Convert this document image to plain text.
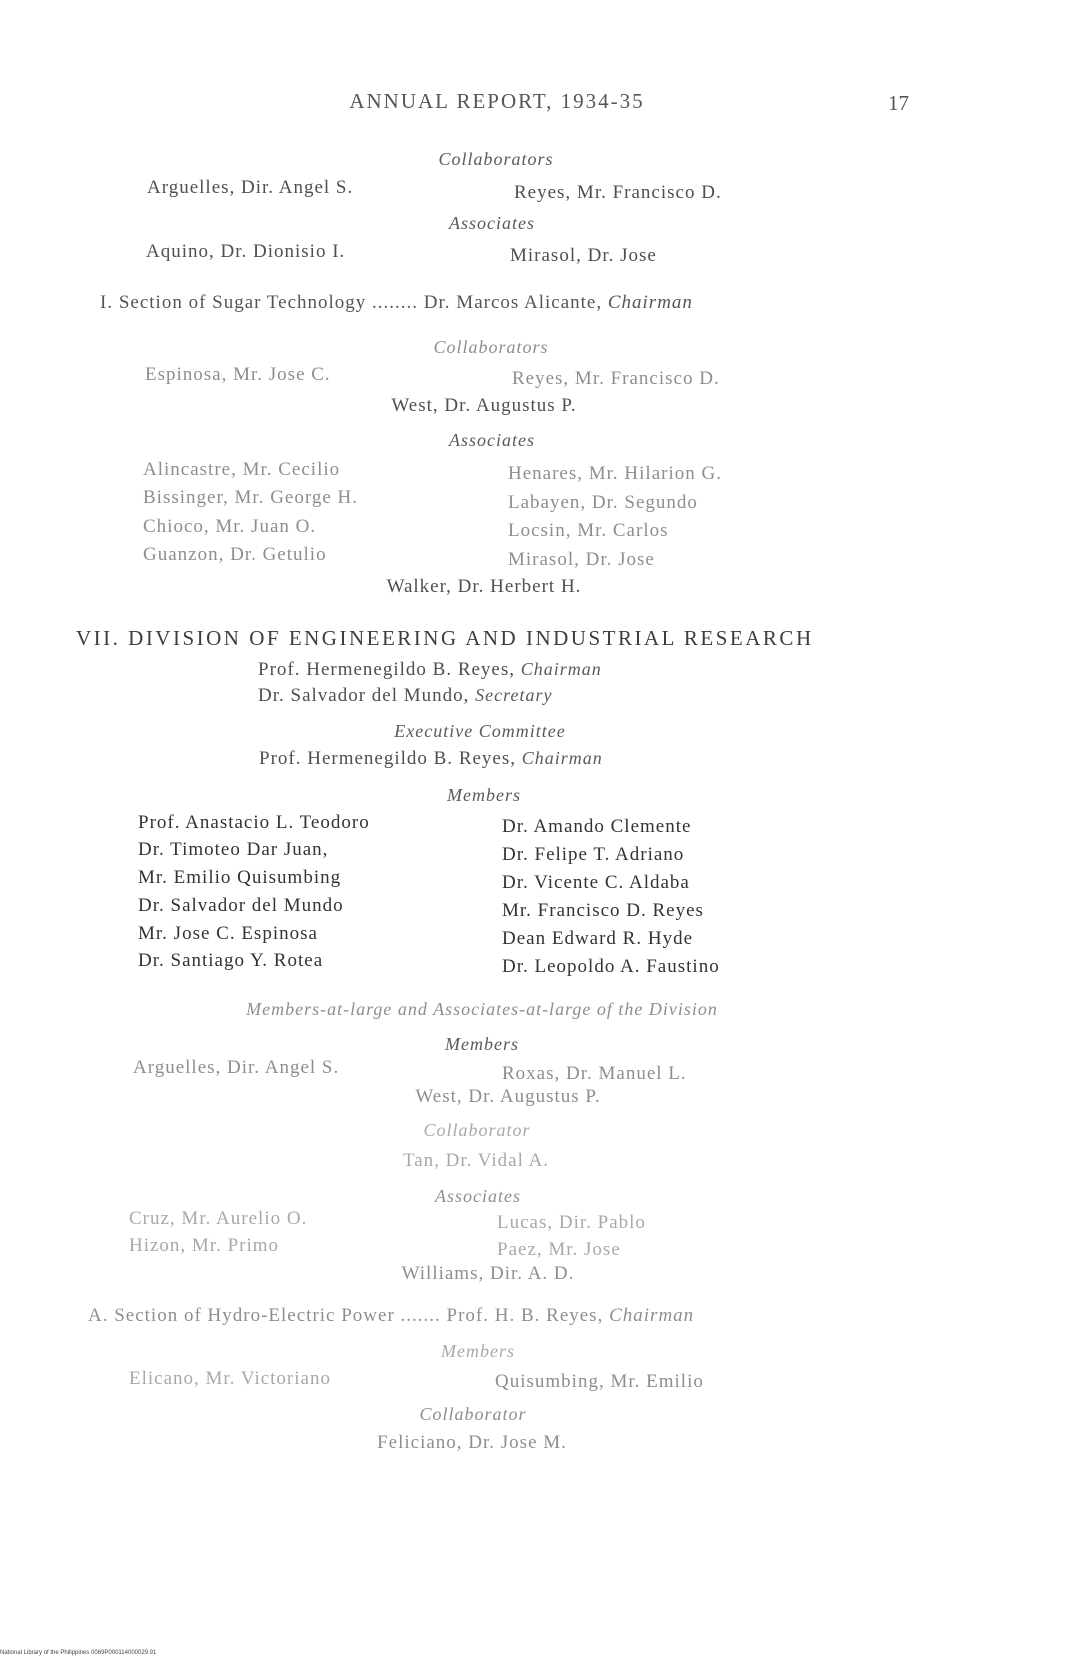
ANNUAL REPORT, 1934-35	17
Collaborators
Arguelles, Dir. Angel S.	Reyes, Mr. Francisco D.
Associates
Aquino, Dr. Dionisio I.	Mirasol, Dr. Jose
I. Section of Sugar Technology ........ Dr. Marcos Alicante, Chairman
Collaborators
Espinosa, Mr. Jose C.	Reyes, Mr. Francisco D.
West, Dr. Augustus P.
Associates
Alincastre, Mr. Cecilio	Henares, Mr. Hilarion G.
Bissinger, Mr. George H.	Labayen, Dr. Segundo
Chioco, Mr. Juan O.	Locsin, Mr. Carlos
Guanzon, Dr. Getulio	Mirasol, Dr. Jose
Walker, Dr. Herbert H.
VII. DIVISION OF ENGINEERING AND INDUSTRIAL RESEARCH
Prof. Hermenegildo B. Reyes, Chairman
Dr. Salvador del Mundo, Secretary
Executive Committee
Prof. Hermenegildo B. Reyes, Chairman
Members
Prof. Anastacio L. Teodoro	Dr. Amando Clemente
Dr. Timoteo Dar Juan,	Dr. Felipe T. Adriano
Mr. Emilio Quisumbing	Dr. Vicente C. Aldaba
Dr. Salvador del Mundo	Mr. Francisco D. Reyes
Mr. Jose C. Espinosa	Dean Edward R. Hyde
Dr. Santiago Y. Rotea	Dr. Leopoldo A. Faustino
Members-at-large and Associates-at-large of the Division
Members
Arguelles, Dir. Angel S.	Roxas, Dr. Manuel L.
West, Dr. Augustus P.
Collaborator
Tan, Dr. Vidal A.
Associates
Cruz, Mr. Aurelio O.	Lucas, Dir. Pablo
Hizon, Mr. Primo	Paez, Mr. Jose
Williams, Dir. A. D.
A. Section of Hydro-Electric Power ....... Prof. H. B. Reyes, Chairman
Members
Elicano, Mr. Victoriano	Quisumbing, Mr. Emilio
Collaborator
Feliciano, Dr. Jose M.
National Library of the Philippines 0069P000114000029.91
